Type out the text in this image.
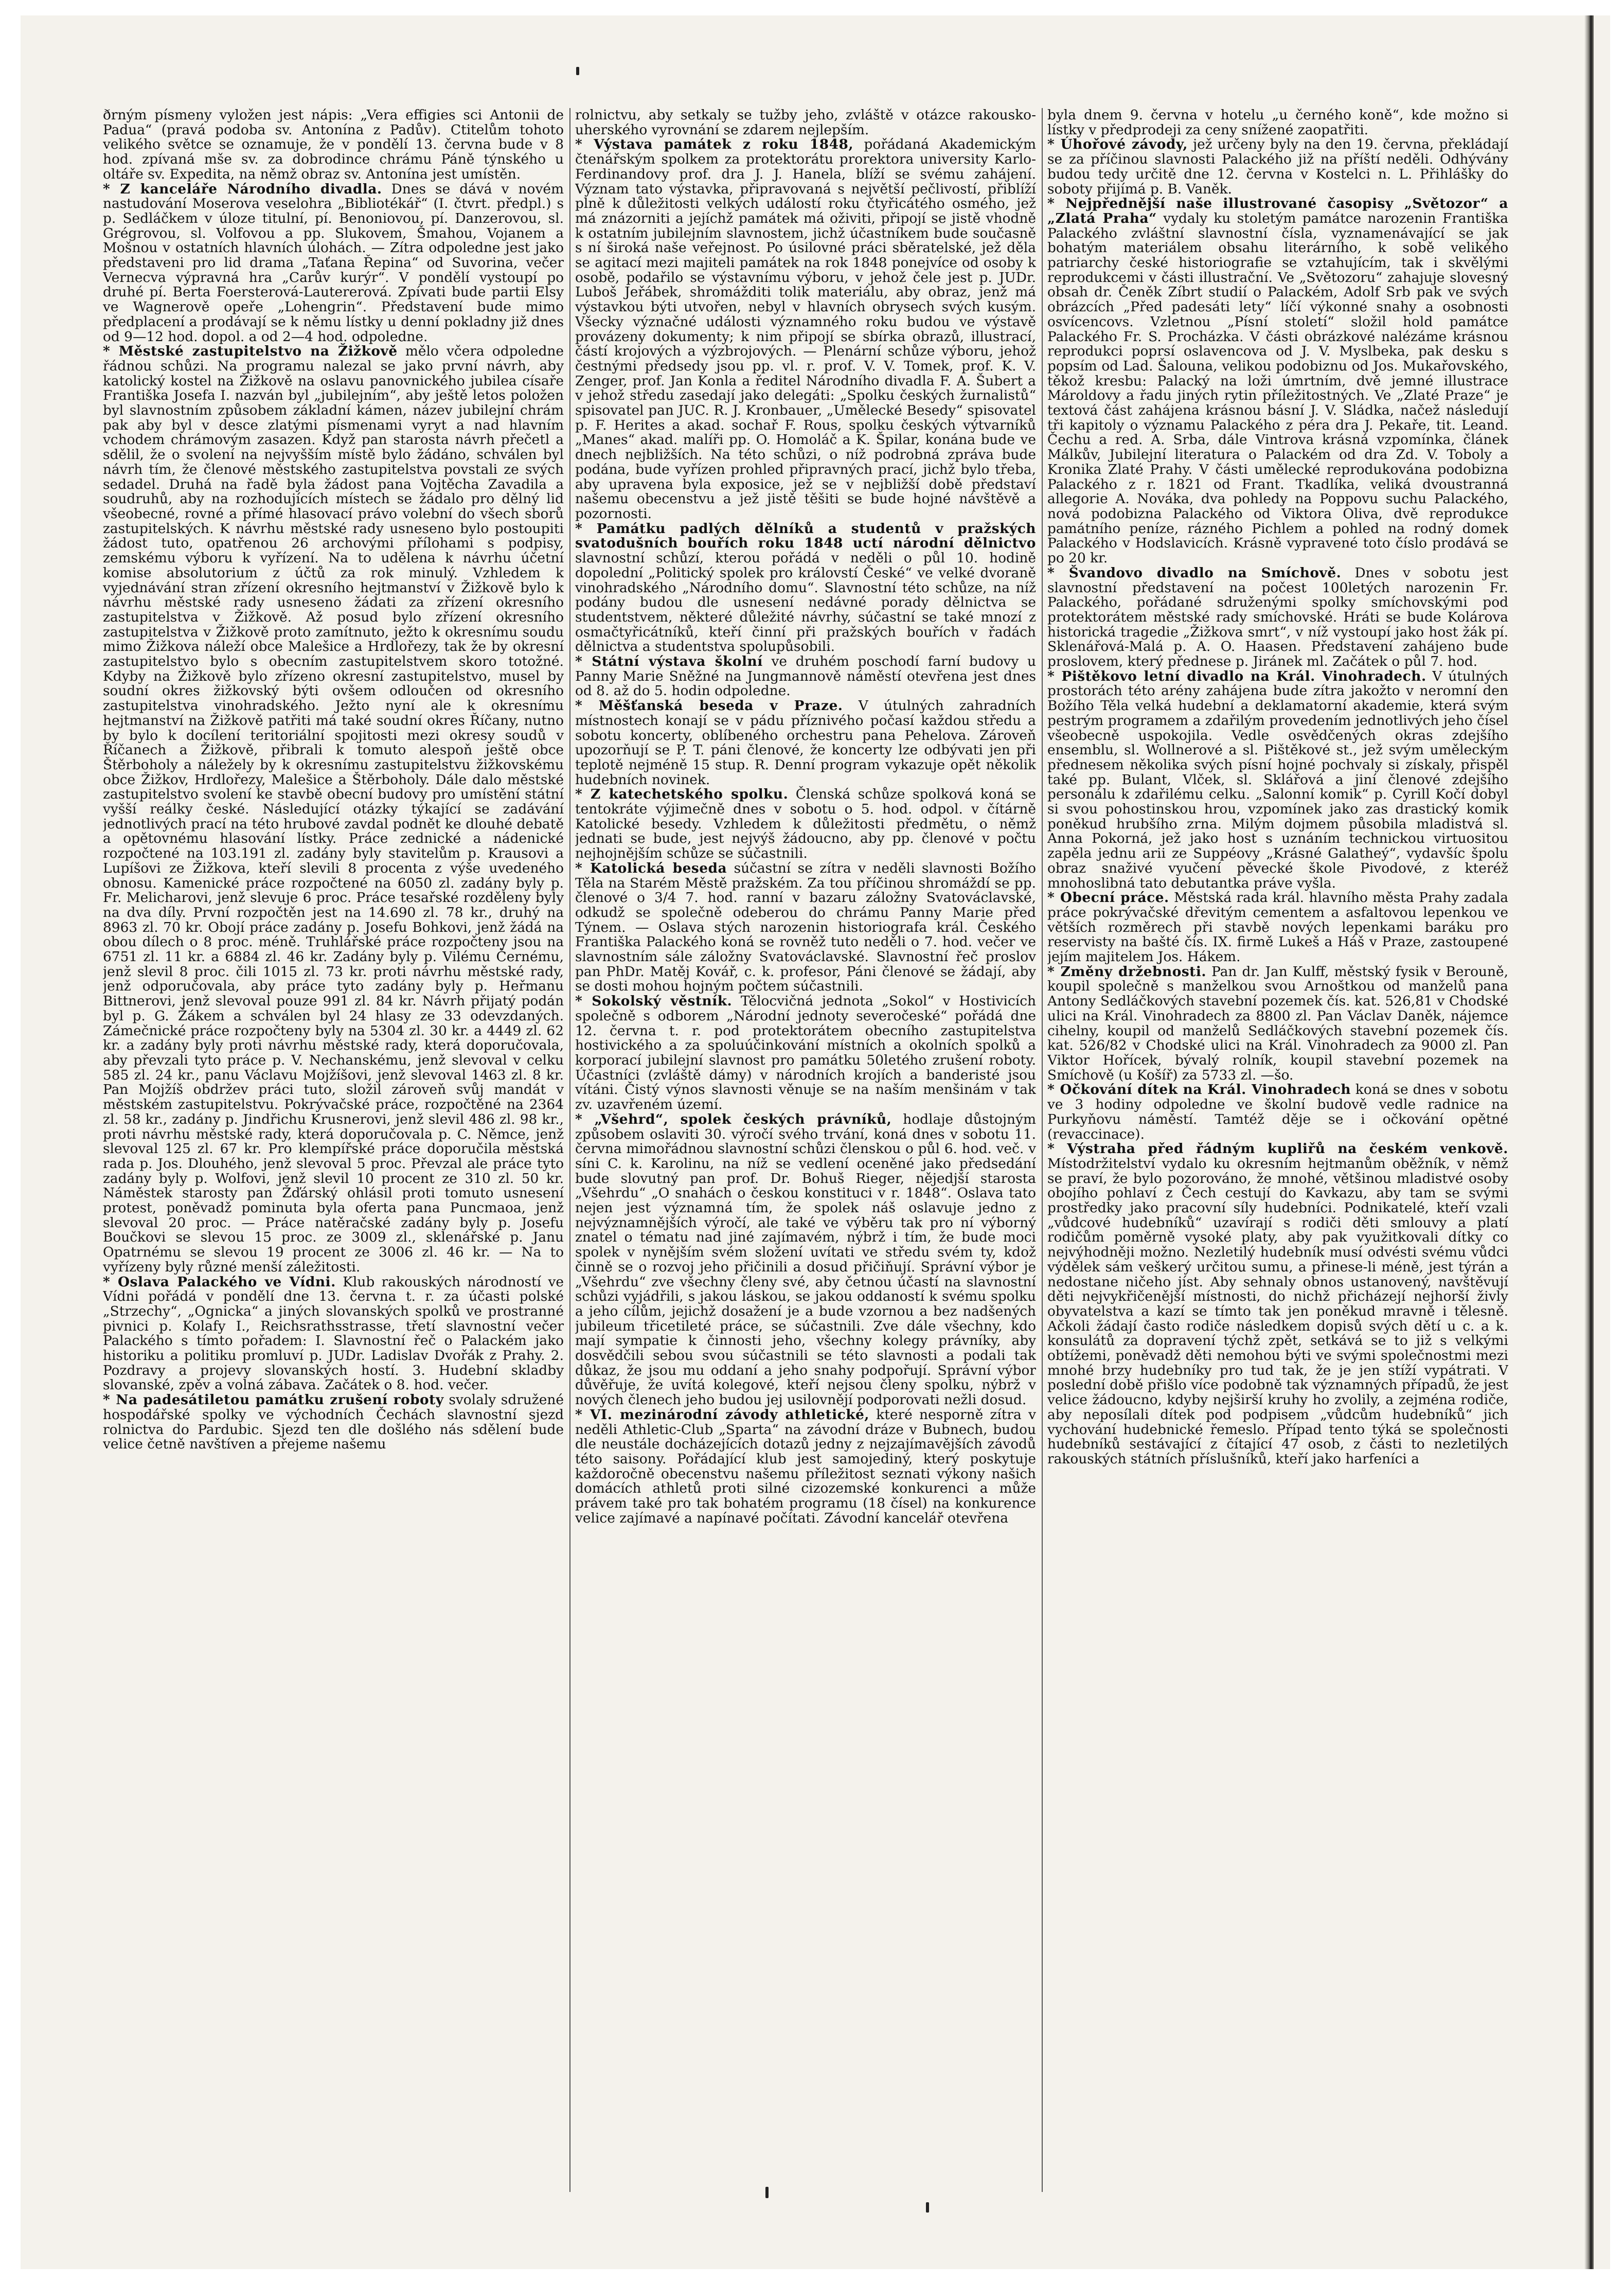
ðrným písmeny vyložen jest nápis: „Vera effigies sci Antonii de Padua“ (pravá podoba sv. Antonína z Padův). Ctitelům tohoto velikého světce se oznamuje, že v pondělí 13. června bude v 8 hod. zpívaná mše sv. za dobrodince chrámu Páně týnského u oltáře sv. Expedita, na němž obraz sv. Antonína jest umístěn.

* Z kanceláře Národního divadla. Dnes se dává v novém nastudování Moserova veselohra „Bibliotékář“ (I. čtvrt. předpl.) s p. Sedláčkem v úloze titulní, pí. Benoniovou, pí. Danzerovou, sl. Grégrovou, sl. Volfovou a pp. Slukovem, Šmahou, Vojanem a Mošnou v ostatních hlavních úlohách. — Zítra odpoledne jest jako představeni pro lid drama „Taťana Řepina“ od Suvorina, večer Vernecva výpravná hra „Carův kurýr“. V pondělí vystoupí po druhé pí. Berta Foersterová-Lautererová. Zpívati bude partii Elsy ve Wagnerově opeře „Lohengrin“. Představení bude mimo předplacení a prodávají se k němu lístky u denní pokladny již dnes od 9—12 hod. dopol. a od 2—4 hod. odpoledne.

* Městské zastupitelstvo na Žižkově mělo včera odpoledne řádnou schůzi. Na programu nalezal se jako první návrh, aby katolický kostel na Žižkově na oslavu panovnického jubilea císaře Františka Josefa I. nazván byl „jubilejním“, aby ještě letos položen byl slavnostním způsobem základní kámen, název jubilejní chrám pak aby byl v desce zlatými písmenami vyryt a nad hlavním vchodem chrámovým zasazen. Když pan starosta návrh přečetl a sdělil, že o svolení na nejvyšším místě bylo žádáno, schválen byl návrh tím, že členové městského zastupitelstva povstali ze svých sedadel. Druhá na řadě byla žádost pana Vojtěcha Zavadila a soudruhů, aby na rozhodujících místech se žádalo pro dělný lid všeobecné, rovné a přímé hlasovací právo volební do všech sborů zastupitelských. K návrhu městské rady usneseno bylo postoupiti žádost tuto, opatřenou 26 archovými přílohami s podpisy, zemskému výboru k vyřízení. Na to udělena k návrhu účetní komise absolutorium z účtů za rok minulý. Vzhledem k vyjednávání stran zřízení okresního hejtmanství v Žižkově bylo k návrhu městské rady usneseno žádati za zřízení okresního zastupitelstva v Žižkově. Až posud bylo zřízení okresního zastupitelstva v Žižkově proto zamítnuto, ježto k okresnímu soudu mimo Žižkova náleží obce Malešice a Hrdlořezy, tak že by okresní zastupitelstvo bylo s obecním zastupitelstvem skoro totožné. Kdyby na Žižkově bylo zřízeno okresní zastupitelstvo, musel by soudní okres žižkovský býti ovšem odloučen od okresního zastupitelstva vinohradského. Ježto nyní ale k okresnímu hejtmanství na Žižkově patřiti má také soudní okres Říčany, nutno by bylo k docílení teritoriální spojitosti mezi okresy soudů v Říčanech a Žižkově, přibrali k tomuto alespoň ještě obce Štěrboholy a náležely by k okresnímu zastupitelstvu žižkovskému obce Žižkov, Hrdlořezy, Malešice a Štěrboholy. Dále dalo městské zastupitelstvo svolení ke stavbě obecní budovy pro umístění státní vyšší reálky české. Následující otázky týkající se zadávání jednotlivých prací na této hrubové zavdal podnět ke dlouhé debatě a opětovnému hlasování lístky. Práce zednické a nádenické rozpočtené na 103.191 zl. zadány byly stavitelům p. Krausovi a Lupíšovi ze Žižkova, kteří slevili 8 procenta z výše uvedeného obnosu. Kamenické práce rozpočtené na 6050 zl. zadány byly p. Fr. Melicharovi, jenž slevuje 6 proc. Práce tesařské rozděleny byly na dva díly. První rozpočtěn jest na 14.690 zl. 78 kr., druhý na 8963 zl. 70 kr. Obojí práce zadány p. Josefu Bohkovi, jenž žádá na obou dílech o 8 proc. méně. Truhlářské práce rozpočteny jsou na 6751 zl. 11 kr. a 6884 zl. 46 kr. Zadány byly p. Vilému Černému, jenž slevil 8 proc. čili 1015 zl. 73 kr. proti návrhu městské rady, jenž odporučovala, aby práce tyto zadány byly p. Heřmanu Bittnerovi, jenž slevoval pouze 991 zl. 84 kr. Návrh přijatý podán byl p. G. Žákem a schválen byl 24 hlasy ze 33 odevzdaných. Zámečnické práce rozpočteny byly na 5304 zl. 30 kr. a 4449 zl. 62 kr. a zadány byly proti návrhu městské rady, která doporučovala, aby převzali tyto práce p. V. Nechanskému, jenž slevoval v celku 585 zl. 24 kr., panu Václavu Mojžíšovi, jenž slevoval 1463 zl. 8 kr. Pan Mojžíš obdržev práci tuto, složil zároveň svůj mandát v městském zastupitelstvu. Pokrývačské práce, rozpočtěné na 2364 zl. 58 kr., zadány p. Jindřichu Krusnerovi, jenž slevil 486 zl. 98 kr., proti návrhu městské rady, která doporučovala p. C. Němce, jenž slevoval 125 zl. 67 kr. Pro klempířské práce doporučila městská rada p. Jos. Dlouhého, jenž slevoval 5 proc. Převzal ale práce tyto zadány byly p. Wolfovi, jenž slevil 10 procent ze 310 zl. 50 kr. Náměstek starosty pan Žďárský ohlásil proti tomuto usnesení protest, poněvadž pominuta byla oferta pana Puncmaoa, jenž slevoval 20 proc. — Práce natěračské zadány byly p. Josefu Boučkovi se slevou 15 proc. ze 3009 zl., sklenářské p. Janu Opatrnému se slevou 19 procent ze 3006 zl. 46 kr. — Na to vyřízeny byly různé menší záležitosti.

* Oslava Palackého ve Vídni. Klub rakouských národností ve Vídni pořádá v pondělí dne 13. června t. r. za účasti polské „Strzechy“, „Ognicka“ a jiných slovanských spolků ve prostranné pivnici p. Kolafy I., Reichsrathsstrasse, třetí slavnostní večer Palackého s tímto pořadem: I. Slavnostní řeč o Palackém jako historiku a politiku promluví p. JUDr. Ladislav Dvořák z Prahy. 2. Pozdravy a projevy slovanských hostí. 3. Hudební skladby slovanské, zpěv a volná zábava. Začátek o 8. hod. večer.

* Na padesátiletou památku zrušení roboty svolaly sdružené hospodářské spolky ve východních Čechách slavnostní sjezd rolnictva do Pardubic. Sjezd ten dle došlého nás sdělení bude velice četně navštíven a přejeme našemu

rolnictvu, aby setkaly se tužby jeho, zvláště v otázce rakousko-uherského vyrovnání se zdarem nejlepším.

* Výstava památek z roku 1848, pořádaná Akademickým čtenářským spolkem za protektorátu prorektora university Karlo-Ferdinandovy prof. dra J. J. Hanela, blíží se svému zahájení. Význam tato výstavka, připravovaná s největší pečlivostí, přiblíží plně k důležitosti velkých událostí roku čtyřicátého osmého, jež má znázorniti a jejíchž památek má oživiti, připojí se jistě vhodně k ostatním jubilejním slavnostem, jichž účastníkem bude současně s ní široká naše veřejnost. Po úsilovné práci sběratelské, jež děla se agitací mezi majiteli památek na rok 1848 ponejvíce od osoby k osobě, podařilo se výstavnímu výboru, v jehož čele jest p. JUDr. Luboš Jeřábek, shromážditi tolik materiálu, aby obraz, jenž má výstavkou býti utvořen, nebyl v hlavních obrysech svých kusým. Všecky význačné události významného roku budou ve výstavě provázeny dokumenty; k nim připojí se sbírka obrazů, illustrací, částí krojových a výzbrojových. — Plenární schůze výboru, jehož čestnými předsedy jsou pp. vl. r. prof. V. V. Tomek, prof. K. V. Zenger, prof. Jan Konla a ředitel Národního divadla F. A. Šubert a v jehož středu zasedají jako delegáti: „Spolku českých žurnalistů“ spisovatel pan JUC. R. J. Kronbauer, „Umělecké Besedy“ spisovatel p. F. Herites a akad. sochař F. Rous, spolku českých výtvarníků „Manes“ akad. malíři pp. O. Homoláč a K. Špilar, konána bude ve dnech nejbližších. Na této schůzi, o níž podrobná zpráva bude podána, bude vyřízen prohled připravných prací, jichž bylo třeba, aby upravena byla exposice, jež se v nejbližší době představí našemu obecenstvu a jež jistě těšiti se bude hojné návštěvě a pozornosti.

* Památku padlých dělníků a studentů v pražských svatodušních bouřích roku 1848 uctí národní dělnictvo slavnostní schůzí, kterou pořádá v neděli o půl 10. hodině dopolední „Politický spolek pro královstí České“ ve velké dvoraně vinohradského „Národního domu“. Slavnostní této schůze, na níž podány budou dle usnesení nedávné porady dělnictva se studentstvem, některé důležité návrhy, súčastní se také mnozí z osmačtyřicátníků, kteří činní při pražských bouřích v řadách dělnictva a studentstva spolupůsobili.

* Státní výstava školní ve druhém poschodí farní budovy u Panny Marie Sněžné na Jungmannově náměstí otevřena jest dnes od 8. až do 5. hodin odpoledne.

* Měšťanská beseda v Praze. V útulných zahradních místnostech konají se v pádu příznivého počasí každou středu a sobotu koncerty, oblíbeného orchestru pana Pehelova. Zároveň upozorňují se P. T. páni členové, že koncerty lze odbývati jen při teplotě nejméně 15 stup. R. Denní program vykazuje opět několik hudebních novinek.

* Z katechetského spolku. Členská schůze spolková koná se tentokráte výjimečně dnes v sobotu o 5. hod. odpol. v čítárně Katolické besedy. Vzhledem k důležitosti předmětu, o němž jednati se bude, jest nejvýš žádoucno, aby pp. členové v počtu nejhojnějším schůze se súčastnili.

* Katolická beseda súčastní se zítra v neděli slavnosti Božího Těla na Starém Městě pražském. Za tou příčinou shromáždí se pp. členové o 3/4 7. hod. ranní v bazaru záložny Svatováclavské, odkudž se společně odeberou do chrámu Panny Marie před Týnem. — Oslava stých narozenin historiografa král. Českého Františka Palackého koná se rovněž tuto neděli o 7. hod. večer ve slavnostním sále záložny Svatováclavské. Slavnostní řeč proslov pan PhDr. Matěj Kovář, c. k. profesor, Páni členové se žádají, aby se dosti mohou hojným počtem súčastnili.

* Sokolský věstník. Tělocvičná jednota „Sokol“ v Hostivicích společně s odborem „Národní jednoty severočeské“ pořádá dne 12. června t. r. pod protektorátem obecního zastupitelstva hostivického a za spoluúčinkování místních a okolních spolků a korporací jubilejní slavnost pro památku 50letého zrušení roboty. Účastníci (zvláště dámy) v národních krojích a banderisté jsou vítáni. Čistý výnos slavnosti věnuje se na naším menšinám v tak zv. uzavřeném území.

* „Všehrd“, spolek českých právníků, hodlaje důstojným způsobem oslaviti 30. výročí svého trvání, koná dnes v sobotu 11. června mimořádnou slavnostní schůzi členskou o půl 6. hod. več. v síni C. k. Karolinu, na níž se vedlení oceněné jako předsedání bude slovutný pan prof. Dr. Bohuš Rieger, nějedjší starosta „Všehrdu“ „O snahách o českou konstituci v r. 1848“. Oslava tato nejen jest významná tím, že spolek náš oslavuje jedno z nejvýznamnějších výročí, ale také ve výběru tak pro ní výborný znatel o tématu nad jiné zajímavém, nýbrž i tím, že bude moci spolek v nynějším svém složení uvítati ve středu svém ty, kdož činně se o rozvoj jeho přičinili a dosud přičiňují. Správní výbor je „Všehrdu“ zve všechny členy své, aby četnou účastí na slavnostní schůzi vyjádřili, s jakou láskou, se jakou oddaností k svému spolku a jeho cílům, jejichž dosažení je a bude vzornou a bez nadšených jubileum třicetileté práce, se súčastnili. Zve dále všechny, kdo mají sympatie k činnosti jeho, všechny kolegy právníky, aby dosvědčili sebou svou súčastnili se této slavnosti a podali tak důkaz, že jsou mu oddaní a jeho snahy podpořují. Správní výbor důvěřuje, že uvítá kolegové, kteří nejsou členy spolku, nýbrž v nových členech jeho budou jej usilovnějí podporovati nežli dosud.

* VI. mezinárodní závody athletické, které nesporně zítra v neděli Athletic-Club „Sparta“ na závodní dráze v Bubnech, budou dle neustále docházejících dotazů jedny z nejzajímavějších závodů této saisony. Pořádající klub jest samojediný, který poskytuje každoročně obecenstvu našemu příležitost seznati výkony našich domácích athletů proti silné cizozemské konkurenci a může právem také pro tak bohatém programu (18 čísel) na konkurence velice zajímavé a napínavé počítati. Závodní kancelář otevřena

byla dnem 9. června v hotelu „u černého koně“, kde možno si lístky v předprodeji za ceny snížené zaopatřiti.

* Úhořové závody, jež určeny byly na den 19. června, překládají se za příčinou slavnosti Palackého již na příští neděli. Odhývány budou tedy určitě dne 12. června v Kostelci n. L. Přihlášky do soboty přijímá p. B. Vaněk.

* Nejpřednější naše illustrované časopisy „Světozor“ a „Zlatá Praha“ vydaly ku stoletým památce narozenin Františka Palackého zvláštní slavnostní čísla, vyznamenávající se jak bohatým materiálem obsahu literárního, k sobě velikého patriarchy české historiografie se vztahujícím, tak i skvělými reprodukcemi v části illustrační. Ve „Světozoru“ zahajuje slovesný obsah dr. Čeněk Zíbrt studií o Palackém, Adolf Srb pak ve svých obrázcích „Před padesáti lety“ líčí výkonné snahy a osobnosti osvícencovs. Vzletnou „Písní století“ složil hold památce Palackého Fr. S. Procházka. V části obrázkové nalézáme krásnou reprodukci poprsí oslavencova od J. V. Myslbeka, pak desku s popsím od Lad. Šalouna, velikou podobiznu od Jos. Mukařovského, těkož kresbu: Palacký na loži úmrtním, dvě jemné illustrace Mároldovy a řadu jiných rytin příležitostných. Ve „Zlaté Praze“ je textová část zahájena krásnou básní J. V. Sládka, načež následují tři kapitoly o významu Palackého z péra dra J. Pekaře, tit. Leand. Čechu a red. A. Srba, dále Vintrova krásná vzpomínka, článek Málkův, Jubilejní literatura o Palackém od dra Zd. V. Toboly a Kronika Zlaté Prahy. V části umělecké reprodukována podobizna Palackého z r. 1821 od Frant. Tkadlíka, veliká dvoustranná allegorie A. Nováka, dva pohledy na Poppovu suchu Palackého, nová podobizna Palackého od Viktora Oliva, dvě reprodukce památního peníze, rázného Pichlem a pohled na rodný domek Palackého v Hodslavicích. Krásně vypravené toto číslo prodává se po 20 kr.

* Švandovo divadlo na Smíchově. Dnes v sobotu jest slavnostní představení na počest 100letých narozenin Fr. Palackého, pořádané sdruženými spolky smíchovskými pod protektorátem městské rady smíchovské. Hráti se bude Kolárova historická tragedie „Žižkova smrt“, v níž vystoupí jako host žák pí. Sklenářová-Malá p. A. O. Haasen. Představení zahájeno bude proslovem, který přednese p. Jiránek ml. Začátek o půl 7. hod.

* Pištěkovo letní divadlo na Král. Vinohradech. V útulných prostorách této arény zahájena bude zítra jakožto v neromní den Božího Těla velká hudební a deklamatorní akademie, která svým pestrým programem a zdařilým provedením jednotlivých jeho čísel všeobecně uspokojila. Vedle osvědčených okras zdejšího ensemblu, sl. Wollnerové a sl. Pištěkové st., jež svým uměleckým přednesem několika svých písní hojné pochvaly si získaly, přispěl také pp. Bulant, Vlček, sl. Sklářová a jiní členové zdejšího personálu k zdařilému celku. „Salonní komik“ p. Cyrill Kočí dobyl si svou pohostinskou hrou, vzpomínek jako zas drastický komik poněkud hrubšího zrna. Milým dojmem působila mladistvá sl. Anna Pokorná, jež jako host s uznáním technickou virtuositou zapěla jednu arii ze Suppéovy „Krásné Galatheý“, vydavšíc špolu obraz snaživé vyučení pěvecké škole Pivodové, z kteréž mnohoslibná tato debutantka práve vyšla.

* Obecní práce. Městská rada král. hlavního města Prahy zadala práce pokrývačské dřevitým cementem a asfaltovou lepenkou ve větších rozměrech při stavbě nových lepenkami baráku pro reservisty na bašté čís. IX. firmě Lukeš a Háš v Praze, zastoupené jejím majitelem Jos. Hákem.

* Změny držebnosti. Pan dr. Jan Kulff, městský fysik v Berouně, koupil společně s manželkou svou Arnoštkou od manželů pana Antony Sedláčkových stavební pozemek čís. kat. 526,81 v Chodské ulici na Král. Vinohradech za 8800 zl. Pan Václav Daněk, nájemce cihelny, koupil od manželů Sedláčkových stavební pozemek čís. kat. 526/82 v Chodské ulici na Král. Vinohradech za 9000 zl. Pan Viktor Hořícek, bývalý rolník, koupil stavební pozemek na Smíchově (u Košíř) za 5733 zl. —šo.

* Očkování dítek na Král. Vinohradech koná se dnes v sobotu ve 3 hodiny odpoledne ve školní budově vedle radnice na Purkyňovu náměstí. Tamtéž děje se i očkování opětné (revaccinace).

* Výstraha před řádným kupliřů na českém venkově. Místodržitelství vydalo ku okresním hejtmanům oběžník, v němž se praví, že bylo pozorováno, že mnohé, většinou mladistvé osoby obojího pohlaví z Čech cestují do Kavkazu, aby tam se svými prostředky jako pracovní síly hudebníci. Podnikatelé, kteří vzali „vůdcové hudebníků“ uzavírají s rodiči děti smlouvy a platí rodičům poměrně vysoké platy, aby pak využitkovali dítky co nejvýhodněji možno. Nezletilý hudebník musí odvésti svému vůdci výdělek sám veškerý určitou sumu, a přinese-li méně, jest týrán a nedostane ničeho jíst. Aby sehnaly obnos ustanovený, navštěvují děti nejvykřičenější místnosti, do nichž přicházejí nejhorší živly obyvatelstva a kazí se tímto tak jen poněkud mravně i tělesně. Ačkoli žádají často rodiče následkem dopisů svých dětí u c. a k. konsulátů za dopravení týchž zpět, setkává se to již s velkými obtížemi, poněvadž děti nemohou býti ve svými společnostmi mezi mnohé brzy hudebníky pro tud tak, že je jen stíží vypátrati. V poslední době přišlo více podobně tak významných případů, že jest velice žádoucno, kdyby nejširší kruhy ho zvolily, a zejména rodiče, aby neposílali dítek pod podpisem „vůdcům hudebníků“ jich vychování hudebnické řemeslo. Případ tento týká se společnosti hudebníků sestávající z čítající 47 osob, z části to nezletilých rakouských státních příslušníků, kteří jako harfeníci a
